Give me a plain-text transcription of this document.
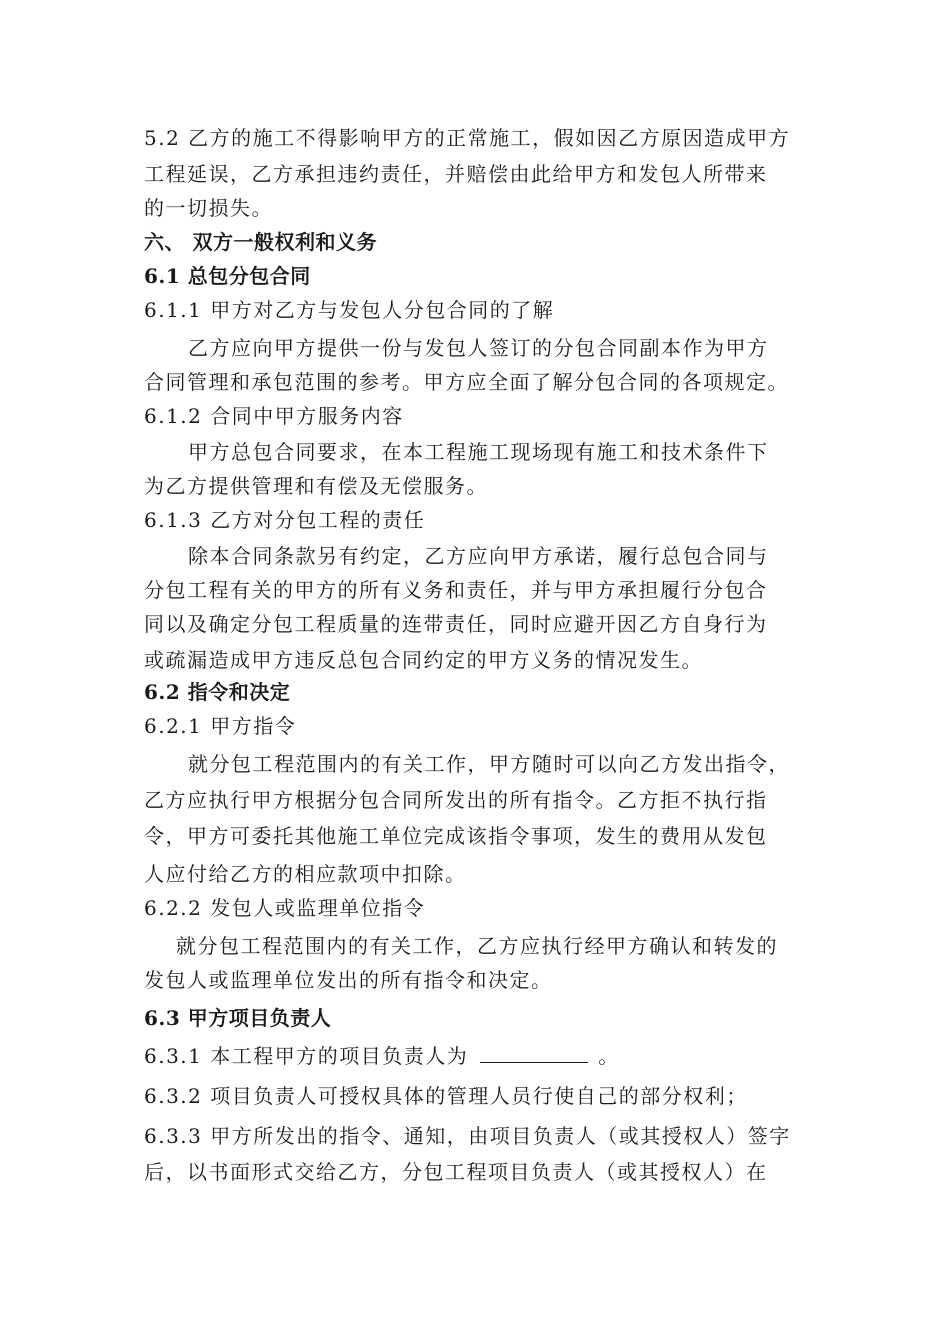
5.2 乙方的施工不得影响甲方的正常施工，假如因乙方原因造成甲方
工程延误，乙方承担违约责任，并赔偿由此给甲方和发包人所带来
的一切损失。
六、 双方一般权利和义务
6.1 总包分包合同
6.1.1 甲方对乙方与发包人分包合同的了解
乙方应向甲方提供一份与发包人签订的分包合同副本作为甲方
合同管理和承包范围的参考。甲方应全面了解分包合同的各项规定。
6.1.2 合同中甲方服务内容
甲方总包合同要求，在本工程施工现场现有施工和技术条件下
为乙方提供管理和有偿及无偿服务。
6.1.3 乙方对分包工程的责任
除本合同条款另有约定，乙方应向甲方承诺，履行总包合同与
分包工程有关的甲方的所有义务和责任，并与甲方承担履行分包合
同以及确定分包工程质量的连带责任，同时应避开因乙方自身行为
或疏漏造成甲方违反总包合同约定的甲方义务的情况发生。
6.2 指令和决定
6.2.1 甲方指令
就分包工程范围内的有关工作，甲方随时可以向乙方发出指令，
乙方应执行甲方根据分包合同所发出的所有指令。乙方拒不执行指
令，甲方可委托其他施工单位完成该指令事项，发生的费用从发包
人应付给乙方的相应款项中扣除。
6.2.2 发包人或监理单位指令
就分包工程范围内的有关工作，乙方应执行经甲方确认和转发的
发包人或监理单位发出的所有指令和决定。
6.3 甲方项目负责人
6.3.1 本工程甲方的项目负责人为	。
6.3.2 项目负责人可授权具体的管理人员行使自己的部分权利；
6.3.3 甲方所发出的指令、通知，由项目负责人（或其授权人）签字
后，以书面形式交给乙方，分包工程项目负责人（或其授权人）在
